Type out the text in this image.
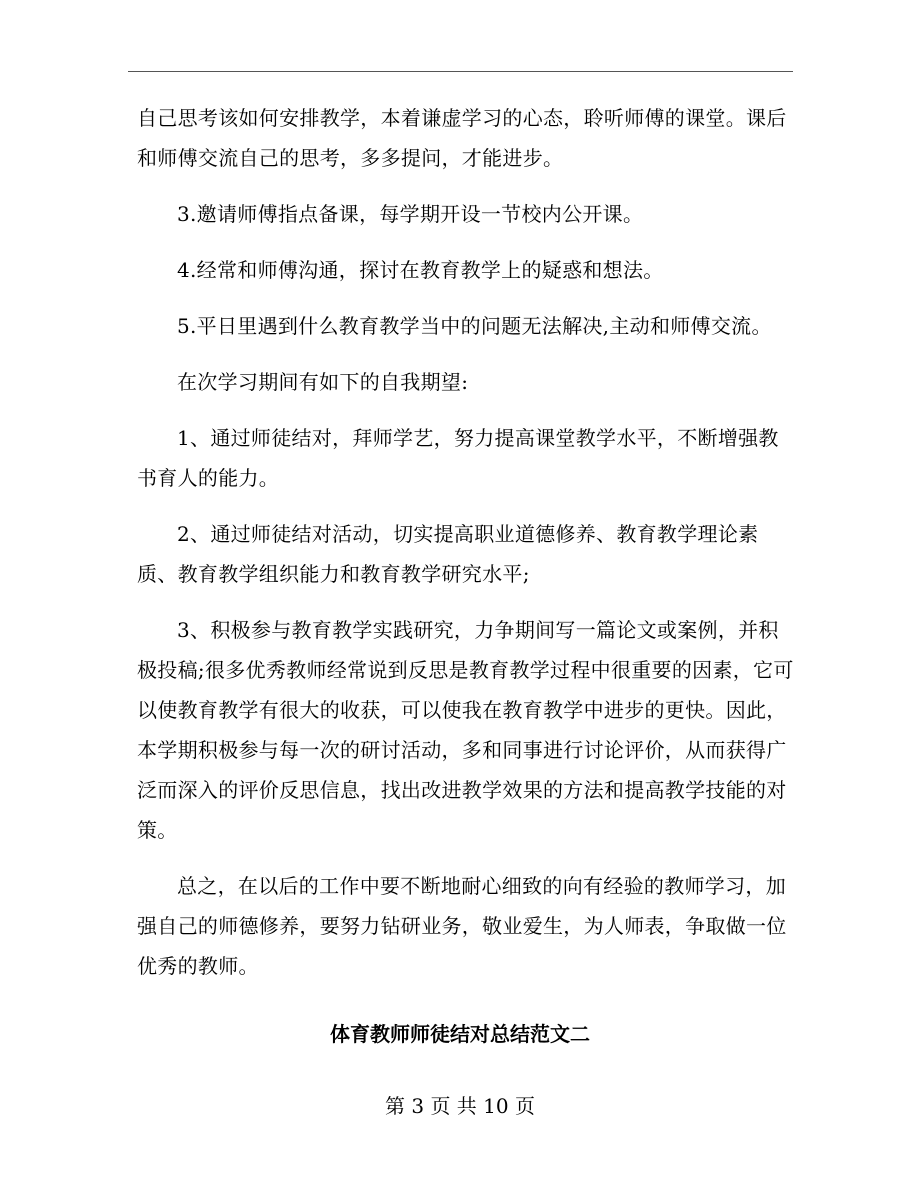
自己思考该如何安排教学，本着谦虚学习的心态，聆听师傅的课堂。课后和师傅交流自己的思考，多多提问，才能进步。

3.邀请师傅指点备课，每学期开设一节校内公开课。

4.经常和师傅沟通，探讨在教育教学上的疑惑和想法。

5.平日里遇到什么教育教学当中的问题无法解决,主动和师傅交流。

在次学习期间有如下的自我期望:

1、通过师徒结对，拜师学艺，努力提高课堂教学水平，不断增强教书育人的能力。

2、通过师徒结对活动，切实提高职业道德修养、教育教学理论素质、教育教学组织能力和教育教学研究水平;

3、积极参与教育教学实践研究，力争期间写一篇论文或案例，并积极投稿;很多优秀教师经常说到反思是教育教学过程中很重要的因素，它可以使教育教学有很大的收获，可以使我在教育教学中进步的更快。因此，本学期积极参与每一次的研讨活动，多和同事进行讨论评价，从而获得广泛而深入的评价反思信息，找出改进教学效果的方法和提高教学技能的对策。

总之，在以后的工作中要不断地耐心细致的向有经验的教师学习，加强自己的师德修养，要努力钻研业务，敬业爱生，为人师表，争取做一位优秀的教师。

体育教师师徒结对总结范文二
第 3 页 共 10 页
